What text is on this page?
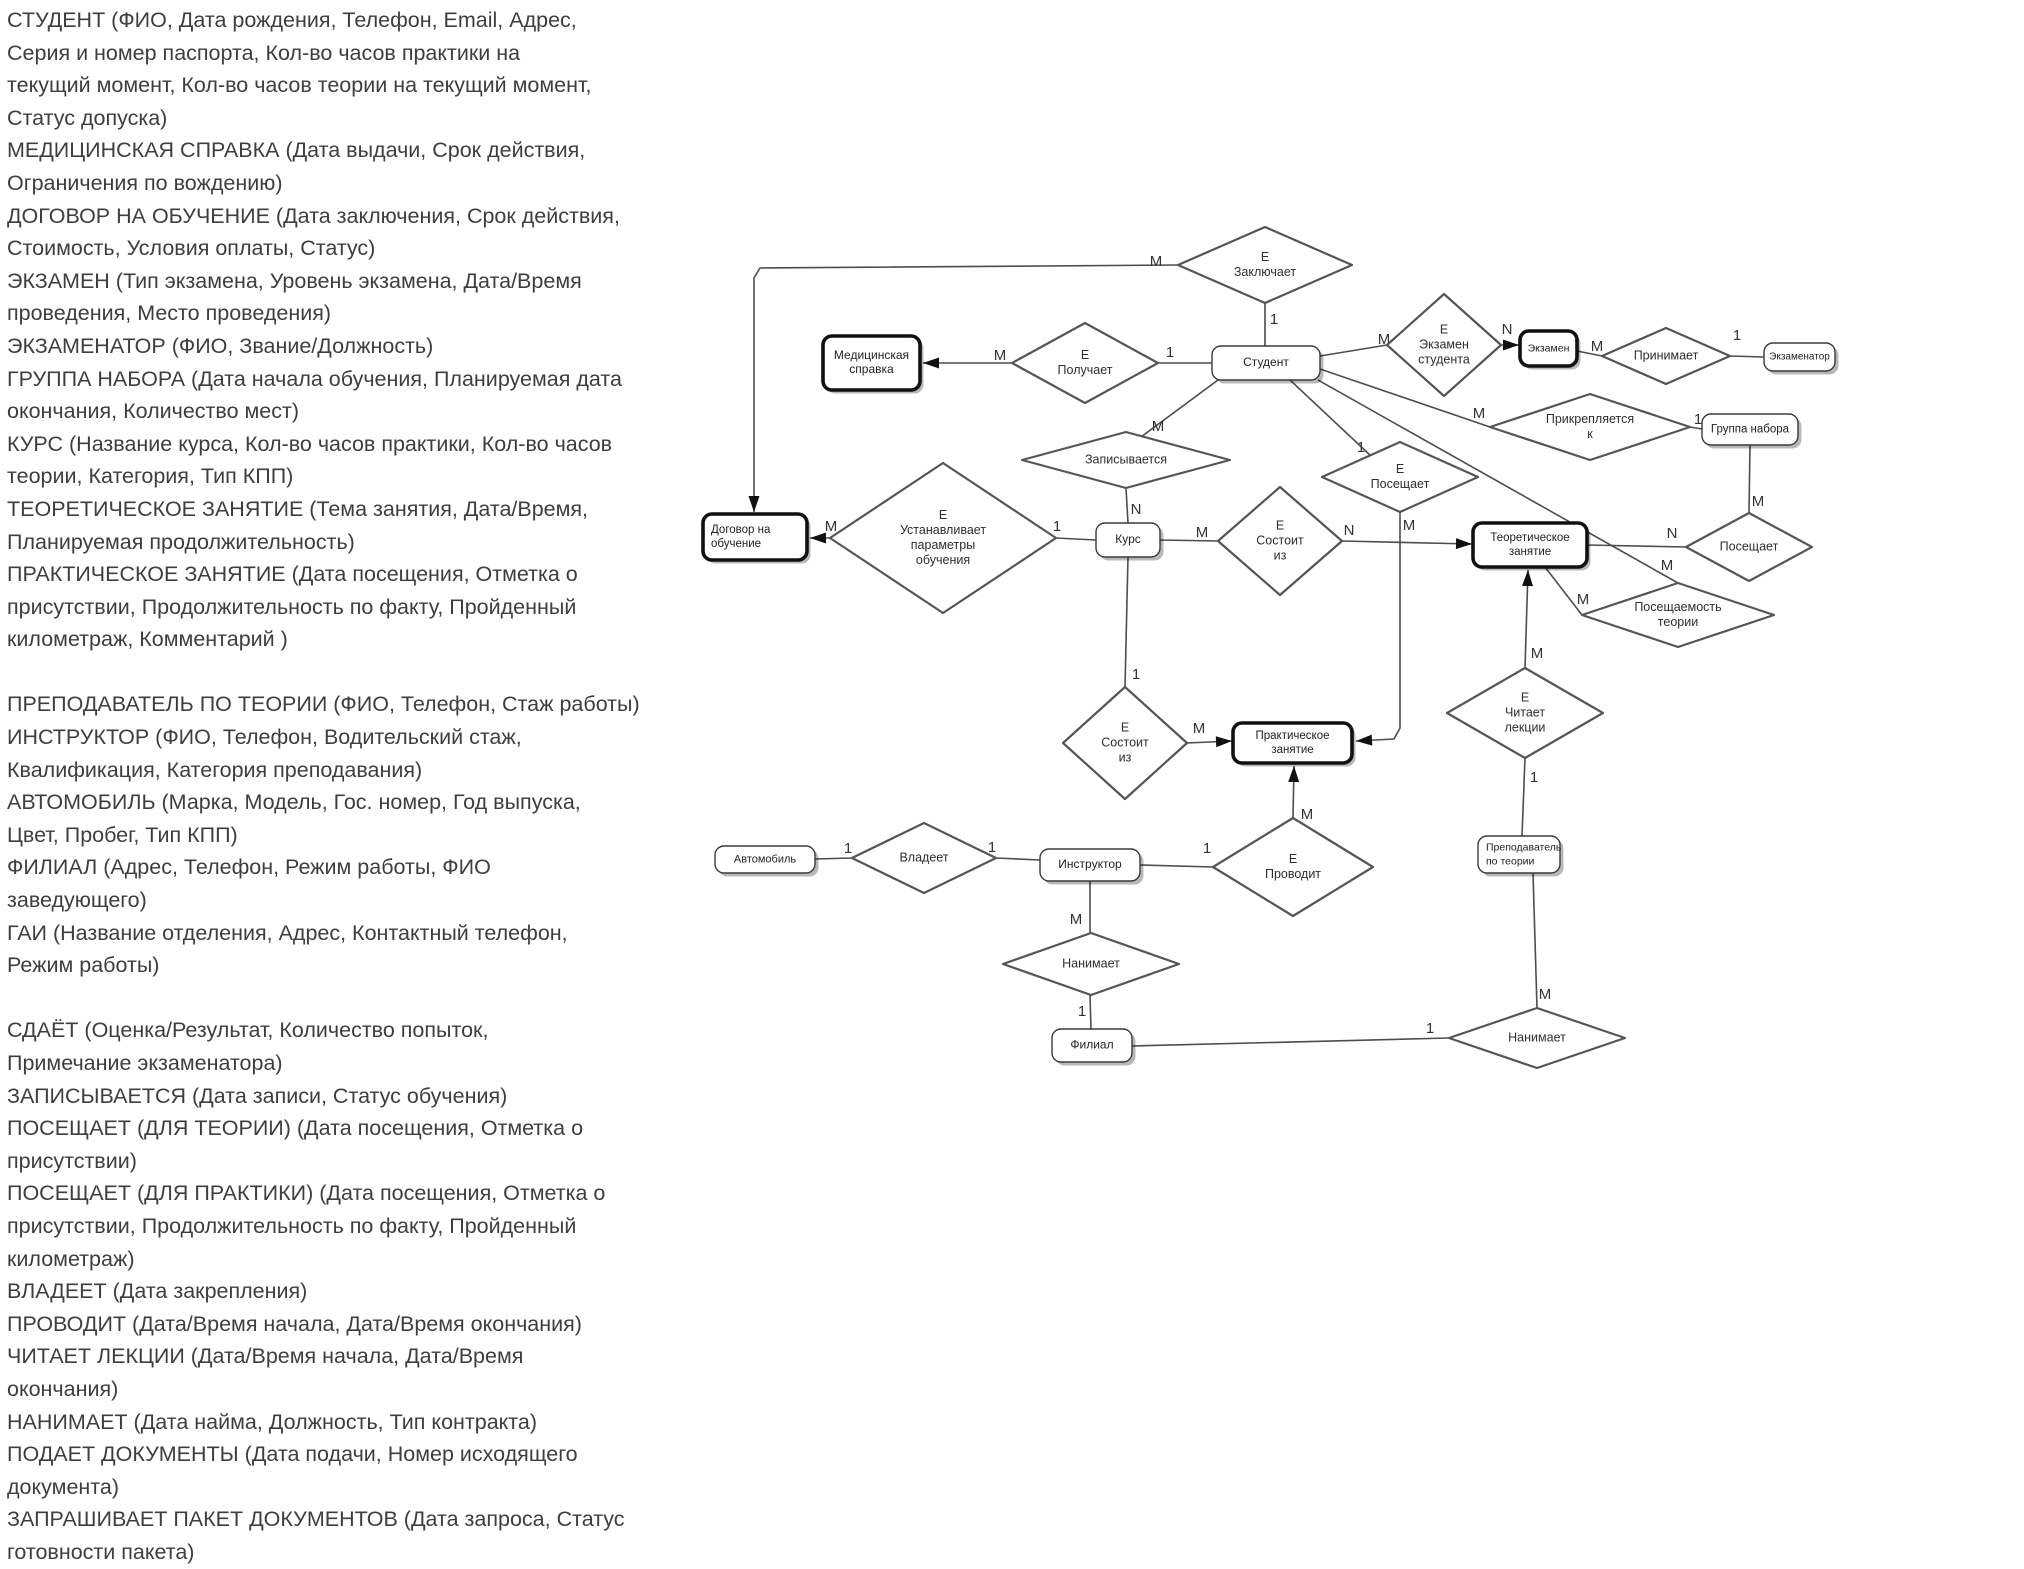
СТУДЕНТ (ФИО, Дата рождения, Телефон, Email, Адрес,
Серия и номер паспорта, Кол-во часов практики на
текущий момент, Кол-во часов теории на текущий момент,
Статус допуска)
МЕДИЦИНСКАЯ СПРАВКА (Дата выдачи, Срок действия,
Ограничения по вождению)
ДОГОВОР НА ОБУЧЕНИЕ (Дата заключения, Срок действия,
Стоимость, Условия оплаты, Статус)
ЭКЗАМЕН (Тип экзамена, Уровень экзамена, Дата/Время
проведения, Место проведения)
ЭКЗАМЕНАТОР (ФИО, Звание/Должность)
ГРУППА НАБОРА (Дата начала обучения, Планируемая дата
окончания, Количество мест)
КУРС (Название курса, Кол-во часов практики, Кол-во часов
теории, Категория, Тип КПП)
ТЕОРЕТИЧЕСКОЕ ЗАНЯТИЕ (Тема занятия, Дата/Время,
Планируемая продолжительность)
ПРАКТИЧЕСКОЕ ЗАНЯТИЕ (Дата посещения, Отметка о
присутствии, Продолжительность по факту, Пройденный
километраж, Комментарий )

ПРЕПОДАВАТЕЛЬ ПО ТЕОРИИ (ФИО, Телефон, Стаж работы)
ИНСТРУКТОР (ФИО, Телефон, Водительский стаж,
Квалификация, Категория преподавания)
АВТОМОБИЛЬ (Марка, Модель, Гос. номер, Год выпуска,
Цвет, Пробег, Тип КПП)
ФИЛИАЛ (Адрес, Телефон, Режим работы, ФИО
заведующего)
ГАИ (Название отделения, Адрес, Контактный телефон,
Режим работы)

СДАЁТ (Оценка/Результат, Количество попыток,
Примечание экзаменатора)
ЗАПИСЫВАЕТСЯ (Дата записи, Статус обучения)
ПОСЕЩАЕТ (ДЛЯ ТЕОРИИ) (Дата посещения, Отметка о
присутствии)
ПОСЕЩАЕТ (ДЛЯ ПРАКТИКИ) (Дата посещения, Отметка о
присутствии, Продолжительность по факту, Пройденный
километраж)
ВЛАДЕЕТ (Дата закрепления)
ПРОВОДИТ (Дата/Время начала, Дата/Время окончания)
ЧИТАЕТ ЛЕКЦИИ (Дата/Время начала, Дата/Время
окончания)
НАНИМАЕТ (Дата найма, Должность, Тип контракта)
ПОДАЕТ ДОКУМЕНТЫ (Дата подачи, Номер исходящего
документа)
ЗАПРАШИВАЕТ ПАКЕТ ДОКУМЕНТОВ (Дата запроса, Статус
готовности пакета)
1
М
М	1
М
N
М
1
М	1
М
М
N
1
М
М	1	М	N	N
М
М
М
1
1
М
М
1
1	1
М
1
1
М
Е
Заключает
Е
Получает
Е
Экзамен
студента	Принимает
Прикрепляется
к
Записывается
Е
Устанавливает
параметры
обучения
Е
Состоит
из
Е
Посещает
Посещает
Посещаемость
теории
Е
Состоит
из
Е
Проводит
Е
Читает
лекции
Владеет
Нанимает
Нанимает
Медицинская
справка	Студент
Договор на
обучение
Экзамен
Экзаменатор
Группа набора
Курс	Теоретическое
занятие
Практическое
занятие
Автомобиль	Инструктор
Филиал
Преподаватель
по теории
